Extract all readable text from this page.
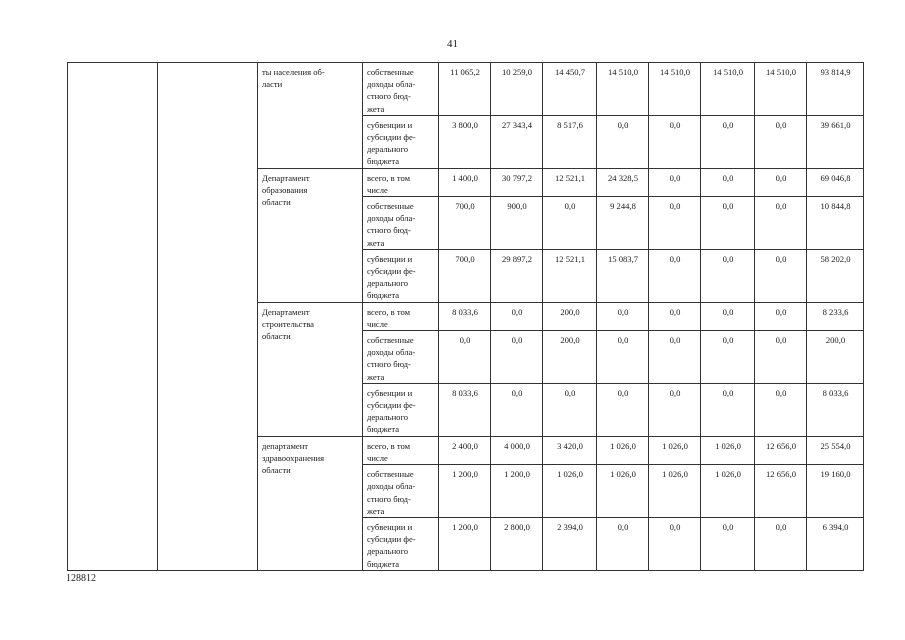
41
		ты населения об-
ласти	собственные
доходы обла-
стного бюд-
жета	11 065,2	10 259,0	14 450,7	14 510,0	14 510,0	14 510,0	14 510,0	93 814,9
			субвенции и
субсидии фе-
дерального
бюджета	3 800,0	27 343,4	8 517,6	0,0	0,0	0,0	0,0	39 661,0
		Департамент
образования
области	всего, в том
числе	1 400,0	30 797,2	12 521,1	24 328,5	0,0	0,0	0,0	69 046,8
			собственные
доходы обла-
стного бюд-
жета	700,0	900,0	0,0	9 244,8	0,0	0,0	0,0	10 844,8
			субвенции и
субсидии фе-
дерального
бюджета	700,0	29 897,2	12 521,1	15 083,7	0,0	0,0	0,0	58 202,0
		Департамент
строительства
области	всего, в том
числе	8 033,6	0,0	200,0	0,0	0,0	0,0	0,0	8 233,6
			собственные
доходы обла-
стного бюд-
жета	0,0	0,0	200,0	0,0	0,0	0,0	0,0	200,0
			субвенции и
субсидии фе-
дерального
бюджета	8 033,6	0,0	0,0	0,0	0,0	0,0	0,0	8 033,6
		департамент
здравоохранения
области	всего, в том
числе	2 400,0	4 000,0	3 420,0	1 026,0	1 026,0	1 026,0	12 656,0	25 554,0
			собственные
доходы обла-
стного бюд-
жета	1 200,0	1 200,0	1 026,0	1 026,0	1 026,0	1 026,0	12 656,0	19 160,0
			субвенции и
субсидии фе-
дерального
бюджета	1 200,0	2 800,0	2 394,0	0,0	0,0	0,0	0,0	6 394,0
128812
